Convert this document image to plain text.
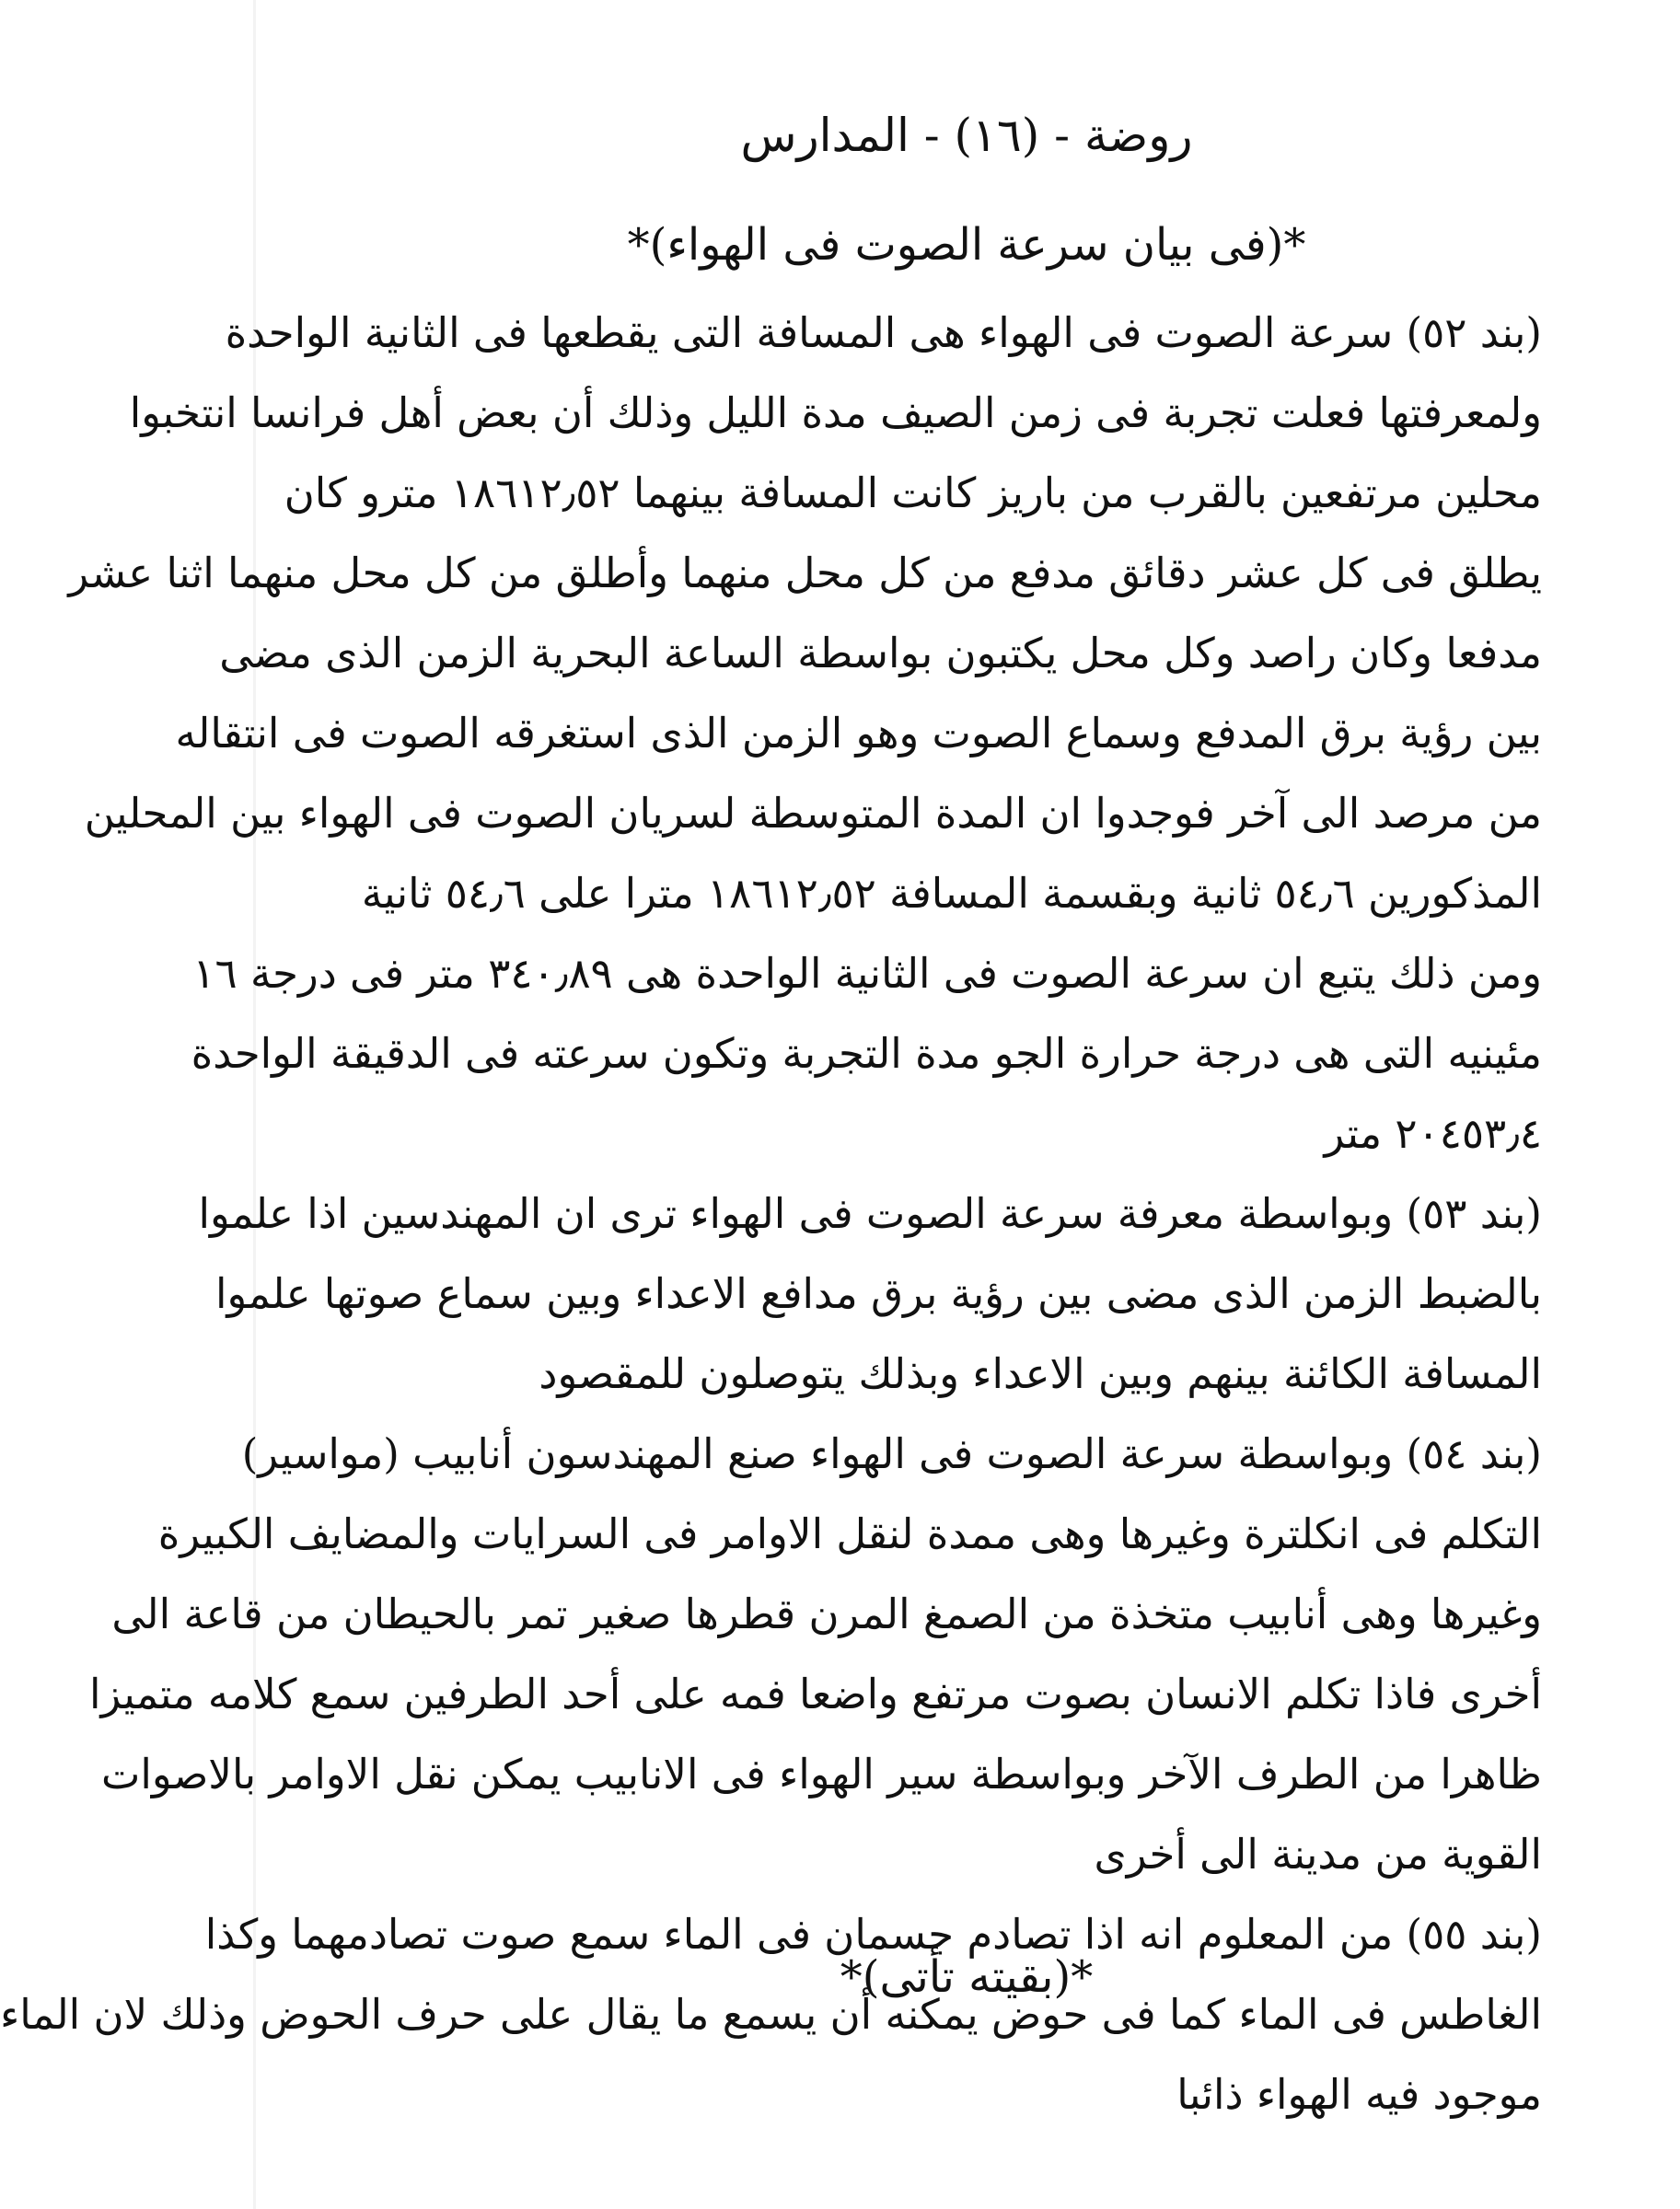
روضة - (١٦) - المدارس
*(فى بيان سرعة الصوت فى الهواء)*
(بند ٥٢) سرعة الصوت فى الهواء هى المسافة التى يقطعها فى الثانية الواحدة
ولمعرفتها فعلت تجربة فى زمن الصيف مدة الليل وذلك أن بعض أهل فرانسا انتخبوا
محلين مرتفعين بالقرب من باريز كانت المسافة بينهما ١٨٦١٢٫٥٢ مترو كان
يطلق فى كل عشر دقائق مدفع من كل محل منهما وأطلق من كل محل منهما اثنا عشر
مدفعا وكان راصد وكل محل يكتبون بواسطة الساعة البحرية الزمن الذى مضى
بين رؤية برق المدفع وسماع الصوت وهو الزمن الذى استغرقه الصوت فى انتقاله
من مرصد الى آخر فوجدوا ان المدة المتوسطة لسريان الصوت فى الهواء بين المحلين
المذكورين ٥٤٫٦ ثانية وبقسمة المسافة ١٨٦١٢٫٥٢ مترا على ٥٤٫٦ ثانية
ومن ذلك يتبع ان سرعة الصوت فى الثانية الواحدة هى ٣٤٠٫٨٩ متر فى درجة ١٦
مئينيه التى هى درجة حرارة الجو مدة التجربة وتكون سرعته فى الدقيقة الواحدة
٢٠٤٥٣٫٤ متر
(بند ٥٣) وبواسطة معرفة سرعة الصوت فى الهواء ترى ان المهندسين اذا علموا
بالضبط الزمن الذى مضى بين رؤية برق مدافع الاعداء وبين سماع صوتها علموا
المسافة الكائنة بينهم وبين الاعداء وبذلك يتوصلون للمقصود
(بند ٥٤) وبواسطة سرعة الصوت فى الهواء صنع المهندسون أنابيب (مواسير)
التكلم فى انكلترة وغيرها وهى ممدة لنقل الاوامر فى السرايات والمضايف الكبيرة
وغيرها وهى أنابيب متخذة من الصمغ المرن قطرها صغير تمر بالحيطان من قاعة الى
أخرى فاذا تكلم الانسان بصوت مرتفع واضعا فمه على أحد الطرفين سمع كلامه متميزا
ظاهرا من الطرف الآخر وبواسطة سير الهواء فى الانابيب يمكن نقل الاوامر بالاصوات
القوية من مدينة الى أخرى
(بند ٥٥) من المعلوم انه اذا تصادم جسمان فى الماء سمع صوت تصادمهما وكذا
الغاطس فى الماء كما فى حوض يمكنه أن يسمع ما يقال على حرف الحوض وذلك لان الماء
موجود فيه الهواء ذائبا
*(بقيته تأتى)*
